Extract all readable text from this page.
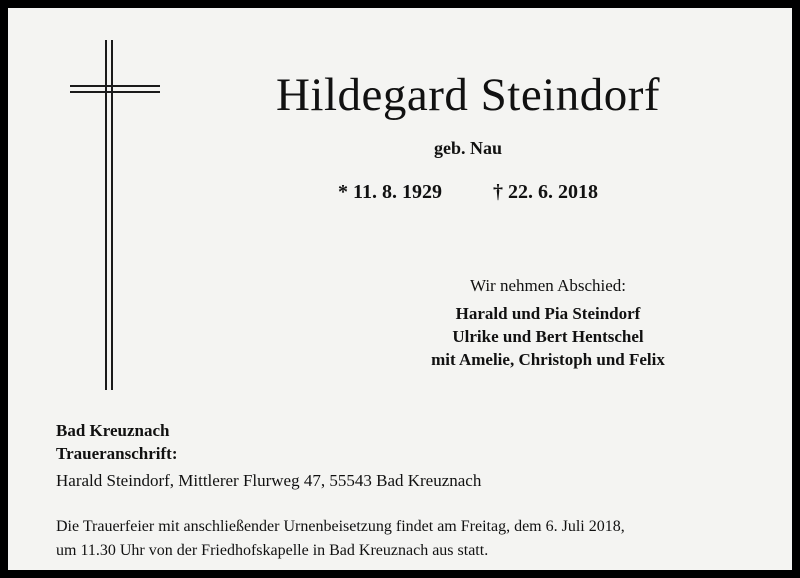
Hildegard Steindorf
geb. Nau
* 11. 8. 1929	† 22. 6. 2018
Wir nehmen Abschied:
Harald und Pia Steindorf
Ulrike und Bert Hentschel
mit Amelie, Christoph und Felix
Bad Kreuznach
Traueranschrift:
Harald Steindorf, Mittlerer Flurweg 47, 55543 Bad Kreuznach
Die Trauerfeier mit anschließender Urnenbeisetzung findet am Freitag, dem 6. Juli 2018,
um 11.30 Uhr von der Friedhofskapelle in Bad Kreuznach aus statt.
